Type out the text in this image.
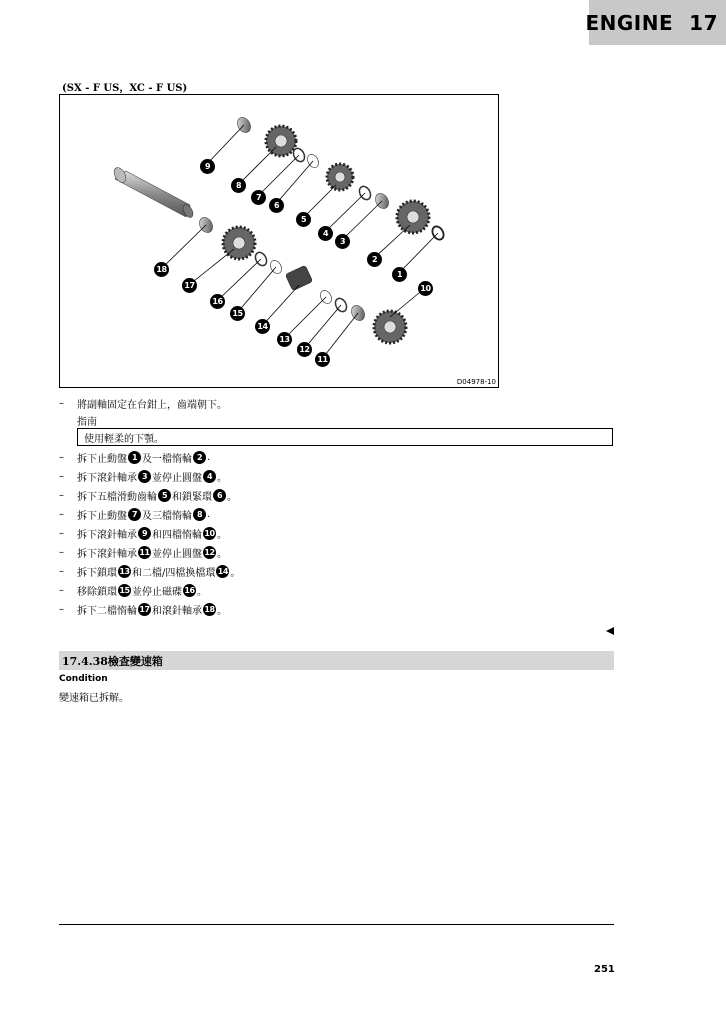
ENGINE 17
(SX - F US，XC - F US)
9
8
7
6
5
4
3
2
1
10
18
17
16
15
14
13
12
11
D04978-10
–	將副軸固定在台鉗上，齒端朝下。
指南
使用輕柔的下顎。
–	拆下止動盤 1 及一檔惰輪 2 .
–	拆下滾針軸承 3 並停止圓盤 4 。
–	拆下五檔滑動齒輪 5 和鎖緊環 6 。
–	拆下止動盤 7 及三檔惰輪 8 .
–	拆下滾針軸承 9 和四檔惰輪 10 。
–	拆下滾針軸承 11 並停止圓盤 12 。
–	拆下鎖環 13 和二檔/四檔換檔環 14 。
–	移除鎖環 15 並停止磁碟 16 。
–	拆下二檔惰輪 17 和滾針軸承 18 。
17.4.38檢查變速箱
Condition
變速箱已拆解。
251
